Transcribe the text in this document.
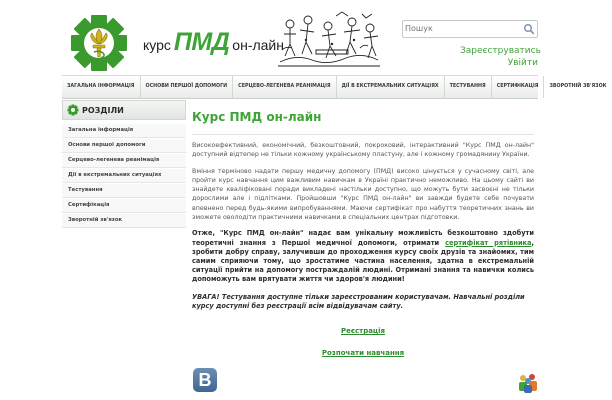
курс ПМД он-лайн
Пошук	Зареєструватись
Увійти
ЗАГАЛЬНА ІНФОРМАЦІЯ	ОСНОВИ ПЕРШОЇ ДОПОМОГИ	СЕРЦЕВО-ЛЕГЕНЕВА РЕАНІМАЦІЯ	ДІЇ В ЕКСТРЕМАЛЬНИХ СИТУАЦІЯХ	ТЕСТУВАННЯ	СЕРТИФІКАЦІЯ	ЗВОРОТНІЙ ЗВ'ЯЗОК
РОЗДІЛИ
Загальна інформація
Основи першої допомоги
Серцево-легенева реанімація
Дії в екстремальних ситуаціях
Тестування
Сертифікація
Зворотній зв'язок
Курс ПМД он-лайн

Високоефективний, економічний, безкоштовний, покроковий, інтерактивний "Курс ПМД он-лайн" доступний відтепер не тільки кожному українському пластуну, але і кожному громадянину України.

Вміння терміново надати першу медичну допомогу (ПМД) високо цінується у сучасному світі, але пройти курс навчання цим важливим навичкам в Україні практично неможливо. На цьому сайті ви знайдете кваліфіковані поради викладені настільки доступно, що можуть бути засвоєні не тільки дорослими але і підлітками. Пройшовши "Курс ПМД он-лайн" ви завжди будете себе почувати впевнено перед будь-якими випробуваннями. Маючи сертифікат про набуття теоретичних знань ви зможете оволодіти практичними навичками в спеціальних центрах підготовки.

Отже, "Курс ПМД он-лайн" надає вам унікальну можливість безкоштовно здобути теоретичні знання з Першої медичної допомоги, отримати сертифікат рятівника, зробити добру справу, залучивши до проходження курсу своїх друзів та знайомих, тим самим сприяючи тому, що зростатиме частина населення, здатна в екстремальній ситуації прийти на допомогу постраждалій людині. Отримані знання та навички колись допоможуть вам врятувати життя чи здоров'я людини!

УВАГА! Тестування доступне тільки зареєстрованим користувачам. Навчальні розділи курсу доступні без реєстрації всім відвідувачам сайту.

Реєстрація
Розпочати навчання
B
